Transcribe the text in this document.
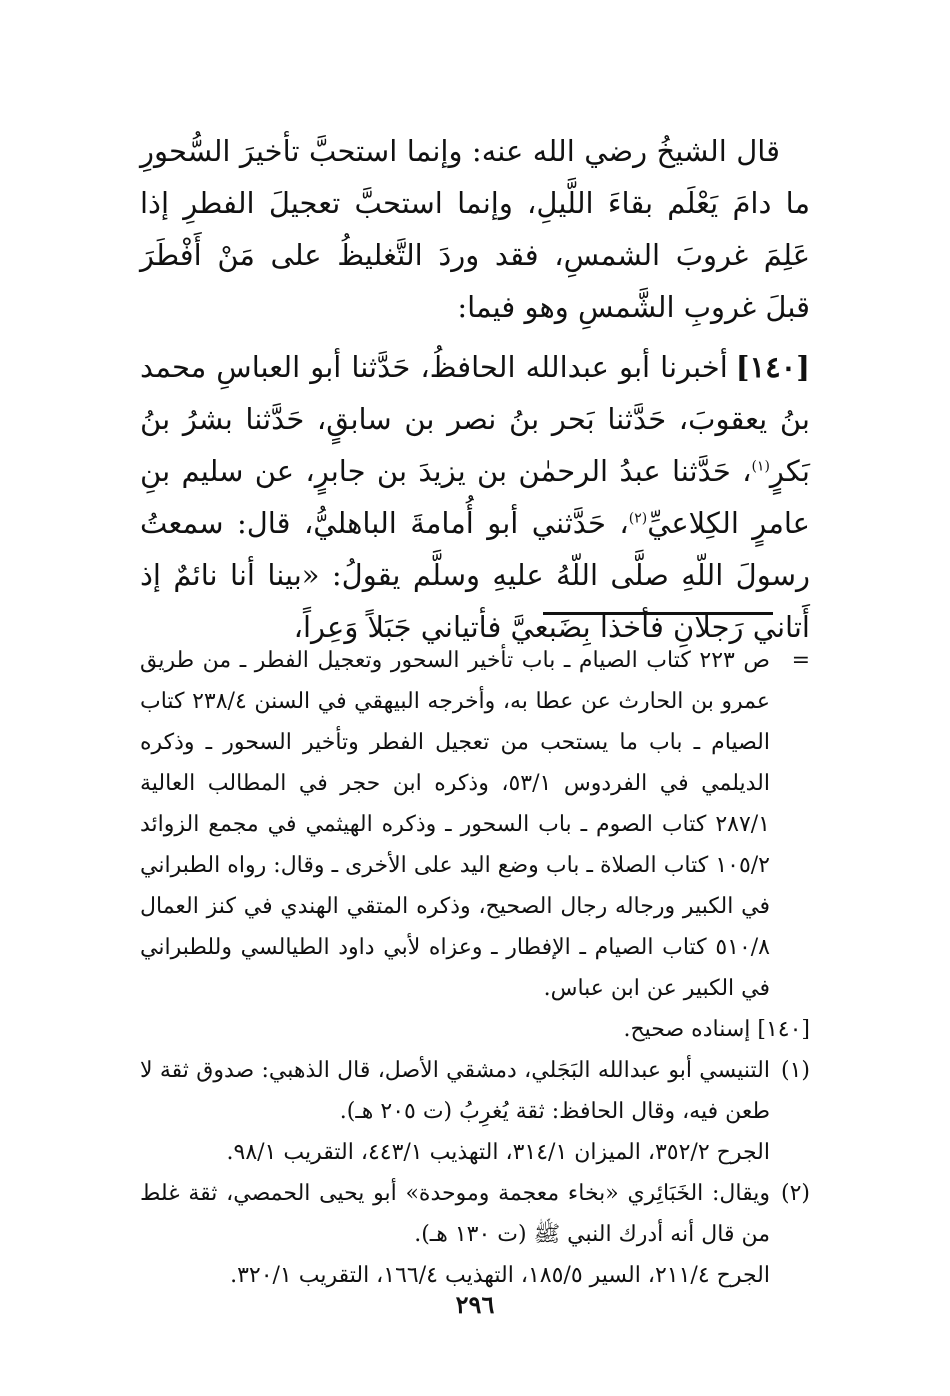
قال الشيخُ رضي الله عنه: وإنما استحبَّ تأخيرَ السُّحورِ ما دامَ يَعْلَم بقاءَ اللَّيلِ، وإنما استحبَّ تعجيلَ الفطرِ إذا عَلِمَ غروبَ الشمسِ، فقد وردَ التَّغليظُ على مَنْ أَفْطَرَ قبلَ غروبِ الشَّمسِ وهو فيما:

[١٤٠]أخبرنا أبو عبدالله الحافظُ، حَدَّثنا أبو العباسِ محمد بنُ يعقوبَ، حَدَّثنا بَحر بنُ نصر بن سابقٍ، حَدَّثنا بشرُ بنُ بَكرٍ$^{(١)}$، حَدَّثنا عبدُ الرحمٰن بن يزيدَ بن جابرٍ، عن سليم بنِ عامرٍ الكِلاعيِّ$^{(٢)}$، حَدَّثني أبو أُمامةَ الباهليُّ، قال: سمعتُ رسولَ اللّهِ صلَّى اللّهُ عليهِ وسلَّم يقولُ: «بينا أنا نائمٌ إذ أَتاني رَجلانِ فأخذا بِضَبعيَّ فأتياني جَبَلاً وَعِراً،

=
ص ٢٢٣ كتاب الصيام ـ باب تأخير السحور وتعجيل الفطر ـ من طريق عمرو بن الحارث عن عطا به، وأخرجه البيهقي في السنن ٢٣٨/٤ كتاب الصيام ـ باب ما يستحب من تعجيل الفطر وتأخير السحور ـ وذكره الديلمي في الفردوس ٥٣/١، وذكره ابن حجر في المطالب العالية ٢٨٧/١ كتاب الصوم ـ باب السحور ـ وذكره الهيثمي في مجمع الزوائد ١٠٥/٢ كتاب الصلاة ـ باب وضع اليد على الأخرى ـ وقال: رواه الطبراني في الكبير ورجاله رجال الصحيح، وذكره المتقي الهندي في كنز العمال ٥١٠/٨ كتاب الصيام ـ الإفطار ـ وعزاه لأبي داود الطيالسي وللطبراني في الكبير عن ابن عباس.

[١٤٠] إسناده صحيح.

(١)
التنيسي أبو عبدالله البَجَلي، دمشقي الأصل، قال الذهبي: صدوق ثقة لا طعن فيه، وقال الحافظ: ثقة يُغرِبُ (ت ٢٠٥ هـ).

الجرح ٣٥٢/٢، الميزان ٣١٤/١، التهذيب ٤٤٣/١، التقريب ٩٨/١.

(٢)
ويقال: الخَبَائِري «بخاء معجمة وموحدة» أبو يحيى الحمصي، ثقة غلط من قال أنه أدرك النبي ﷺ (ت ١٣٠ هـ).

الجرح ٢١١/٤، السير ١٨٥/٥، التهذيب ١٦٦/٤، التقريب ٣٢٠/١.

٢٩٦
